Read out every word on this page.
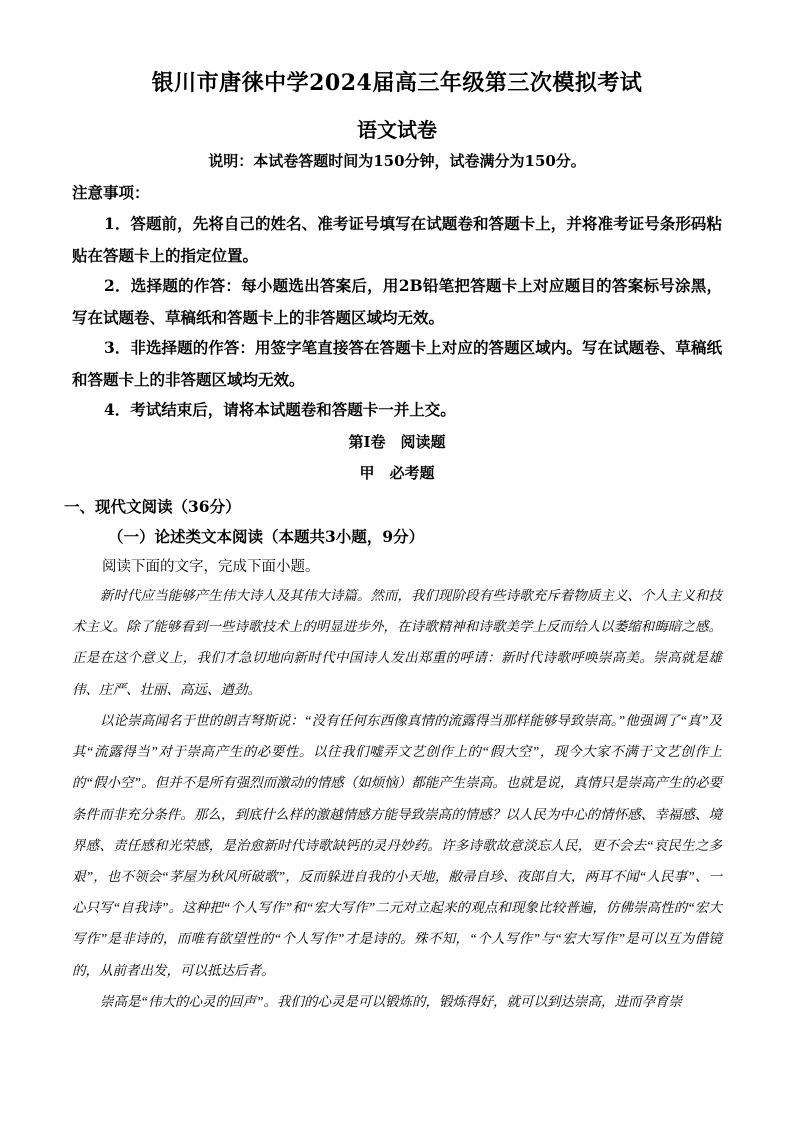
银川市唐徕中学2024届高三年级第三次模拟考试
语文试卷
说明：本试卷答题时间为150分钟，试卷满分为150分。
注意事项：
1．答题前，先将自己的姓名、准考证号填写在试题卷和答题卡上，并将准考证号条形码粘贴在答题卡上的指定位置。
2．选择题的作答：每小题选出答案后，用2B铅笔把答题卡上对应题目的答案标号涂黑，写在试题卷、草稿纸和答题卡上的非答题区域均无效。
3．非选择题的作答：用签字笔直接答在答题卡上对应的答题区域内。写在试题卷、草稿纸和答题卡上的非答题区域均无效。
4．考试结束后，请将本试题卷和答题卡一并上交。
第Ⅰ卷　阅读题
甲　必考题
一、现代文阅读（36分）
（一）论述类文本阅读（本题共3小题，9分）
阅读下面的文字，完成下面小题。
新时代应当能够产生伟大诗人及其伟大诗篇。然而，我们现阶段有些诗歌充斥着物质主义、个人主义和技术主义。除了能够看到一些诗歌技术上的明显进步外，在诗歌精神和诗歌美学上反而给人以萎缩和晦暗之感。正是在这个意义上，我们才急切地向新时代中国诗人发出郑重的呼请：新时代诗歌呼唤崇高美。崇高就是雄伟、庄严、壮丽、高远、遒劲。
以论崇高闻名于世的朗吉弩斯说：“没有任何东西像真情的流露得当那样能够导致崇高。”他强调了“真”及其“流露得当”对于崇高产生的必要性。以往我们嘘弄文艺创作上的“假大空”，现今大家不满于文艺创作上的“假小空”。但并不是所有强烈而激动的情感（如烦恼）都能产生崇高。也就是说，真情只是崇高产生的必要条件而非充分条件。那么，到底什么样的激越情感方能导致崇高的情感？以人民为中心的情怀感、幸福感、境界感、责任感和光荣感，是治愈新时代诗歌缺钙的灵丹妙药。许多诗歌故意淡忘人民，更不会去“哀民生之多艰”，也不领会“茅屋为秋风所破歌”，反而躲进自我的小天地，敝帚自珍、夜郎自大，两耳不闻“人民事”、一心只写“自我诗”。这种把“个人写作”和“宏大写作”二元对立起来的观点和现象比较普遍，仿佛崇高性的“宏大写作”是非诗的，而唯有欲望性的“个人写作”才是诗的。殊不知，“个人写作”与“宏大写作”是可以互为借镜的，从前者出发，可以抵达后者。
崇高是“伟大的心灵的回声”。我们的心灵是可以锻炼的，锻炼得好，就可以到达崇高，进而孕育崇
